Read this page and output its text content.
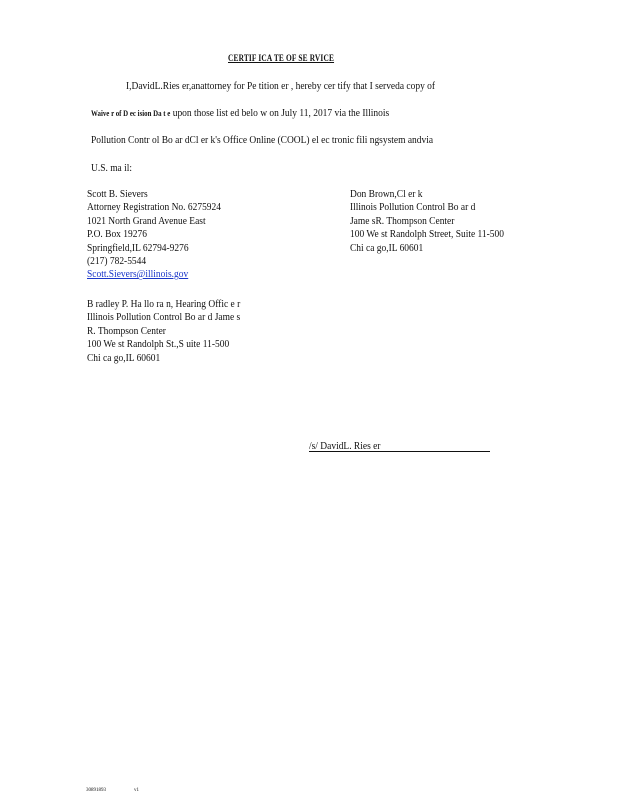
CERTIF ICA TE OF SE RVICE
I,DavidL.Ries er,anattorney for Pe tition er , hereby cer tify that I serveda copy of
Waive r of D ec ision Da t e upon those list ed belo w on July 11, 2017 via the Illinois
Pollution Contr ol Bo ar dCl er k's Office Online (COOL) el ec tronic fili ngsystem andvia
U.S. ma il:
Scott B. Sievers
Attorney Registration No. 6275924
1021 North Grand Avenue East
P.O. Box 19276
Springfield,IL 62794-9276
(217) 782-5544
Scott.Sievers@illinois.gov
Don Brown,Cl er k
Illinois Pollution Control Bo ar d
Jame sR. Thompson Center
100 We st Randolph Street, Suite 11-500
Chi ca go,IL 60601
B radley P. Ha llo ra n, Hearing Offic e r
Illinois Pollution Control Bo ar d Jame s
R. Thompson Center
100 We st Randolph St.,S uite 11-500
Chi ca go,IL 60601
/s/ DavidL. Ries er
30891893	v1
